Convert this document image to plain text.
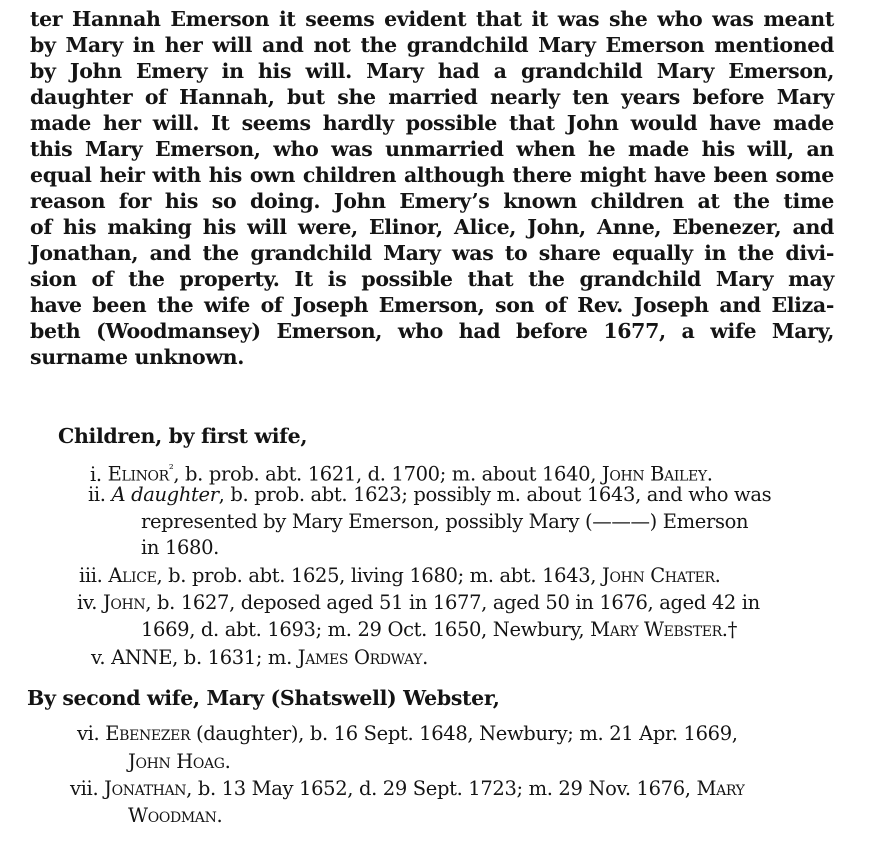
ter Hannah Emerson it seems evident that it was she who was meant
by Mary in her will and not the grandchild Mary Emerson mentioned
by John Emery in his will. Mary had a grandchild Mary Emerson,
daughter of Hannah, but she married nearly ten years before Mary
made her will. It seems hardly possible that John would have made
this Mary Emerson, who was unmarried when he made his will, an
equal heir with his own children although there might have been some
reason for his so doing. John Emery’s known children at the time
of his making his will were, Elinor, Alice, John, Anne, Ebenezer, and
Jonathan, and the grandchild Mary was to share equally in the divi-
sion of the property. It is possible that the grandchild Mary may
have been the wife of Joseph Emerson, son of Rev. Joseph and Eliza-
beth (Woodmansey) Emerson, who had before 1677, a wife Mary,
surname unknown.
Children, by first wife,
i. Elinor$^{^2}$, b. prob. abt. 1621, d. 1700; m. about 1640, John Bailey.
ii. A daughter, b. prob. abt. 1623; possibly m. about 1643, and who was
represented by Mary Emerson, possibly Mary (———) Emerson
in 1680.
iii. Alice, b. prob. abt. 1625, living 1680; m. abt. 1643, John Chater.
iv. John, b. 1627, deposed aged 51 in 1677, aged 50 in 1676, aged 42 in
1669, d. abt. 1693; m. 29 Oct. 1650, Newbury, Mary Webster.†
v. ANNE, b. 1631; m. James Ordway.
By second wife, Mary (Shatswell) Webster,
vi. Ebenezer (daughter), b. 16 Sept. 1648, Newbury; m. 21 Apr. 1669,
John Hoag.
vii. Jonathan, b. 13 May 1652, d. 29 Sept. 1723; m. 29 Nov. 1676, Mary
Woodman.
